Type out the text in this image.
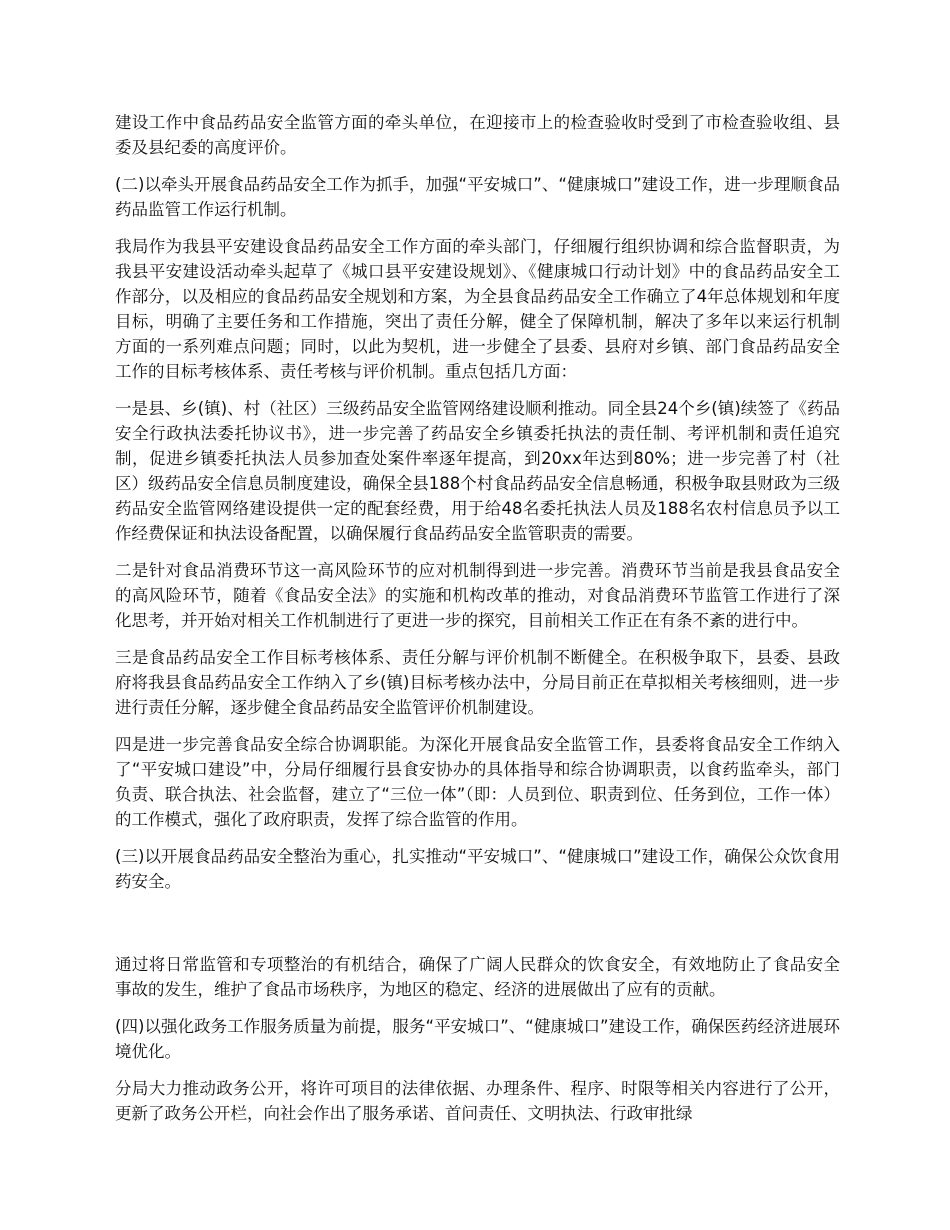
建设工作中食品药品安全监管方面的牵头单位，在迎接市上的检查验收时受到了市检查验收组、县委及县纪委的高度评价。

(二)以牵头开展食品药品安全工作为抓手，加强“平安城口”、“健康城口”建设工作，进一步理顺食品药品监管工作运行机制。

我局作为我县平安建设食品药品安全工作方面的牵头部门，仔细履行组织协调和综合监督职责，为我县平安建设活动牵头起草了《城口县平安建设规划》、《健康城口行动计划》中的食品药品安全工作部分，以及相应的食品药品安全规划和方案，为全县食品药品安全工作确立了4年总体规划和年度目标，明确了主要任务和工作措施，突出了责任分解，健全了保障机制，解决了多年以来运行机制方面的一系列难点问题；同时，以此为契机，进一步健全了县委、县府对乡镇、部门食品药品安全工作的目标考核体系、责任考核与评价机制。重点包括几方面：

一是县、乡(镇)、村（社区）三级药品安全监管网络建设顺利推动。同全县24个乡(镇)续签了《药品安全行政执法委托协议书》，进一步完善了药品安全乡镇委托执法的责任制、考评机制和责任追究制，促进乡镇委托执法人员参加查处案件率逐年提高，到20xx年达到80%；进一步完善了村（社区）级药品安全信息员制度建设，确保全县188个村食品药品安全信息畅通，积极争取县财政为三级药品安全监管网络建设提供一定的配套经费，用于给48名委托执法人员及188名农村信息员予以工作经费保证和执法设备配置，以确保履行食品药品安全监管职责的需要。

二是针对食品消费环节这一高风险环节的应对机制得到进一步完善。消费环节当前是我县食品安全的高风险环节，随着《食品安全法》的实施和机构改革的推动，对食品消费环节监管工作进行了深化思考，并开始对相关工作机制进行了更进一步的探究，目前相关工作正在有条不紊的进行中。

三是食品药品安全工作目标考核体系、责任分解与评价机制不断健全。在积极争取下，县委、县政府将我县食品药品安全工作纳入了乡(镇)目标考核办法中，分局目前正在草拟相关考核细则，进一步进行责任分解，逐步健全食品药品安全监管评价机制建设。

四是进一步完善食品安全综合协调职能。为深化开展食品安全监管工作，县委将食品安全工作纳入了“平安城口建设”中，分局仔细履行县食安协办的具体指导和综合协调职责，以食药监牵头，部门负责、联合执法、社会监督，建立了“三位一体”（即：人员到位、职责到位、任务到位，工作一体）的工作模式，强化了政府职责，发挥了综合监管的作用。

(三)以开展食品药品安全整治为重心，扎实推动“平安城口”、“健康城口”建设工作，确保公众饮食用药安全。

通过将日常监管和专项整治的有机结合，确保了广阔人民群众的饮食安全，有效地防止了食品安全事故的发生，维护了食品市场秩序，为地区的稳定、经济的进展做出了应有的贡献。

(四)以强化政务工作服务质量为前提，服务“平安城口”、“健康城口”建设工作，确保医药经济进展环境优化。

分局大力推动政务公开，将许可项目的法律依据、办理条件、程序、时限等相关内容进行了公开，更新了政务公开栏，向社会作出了服务承诺、首问责任、文明执法、行政审批绿
